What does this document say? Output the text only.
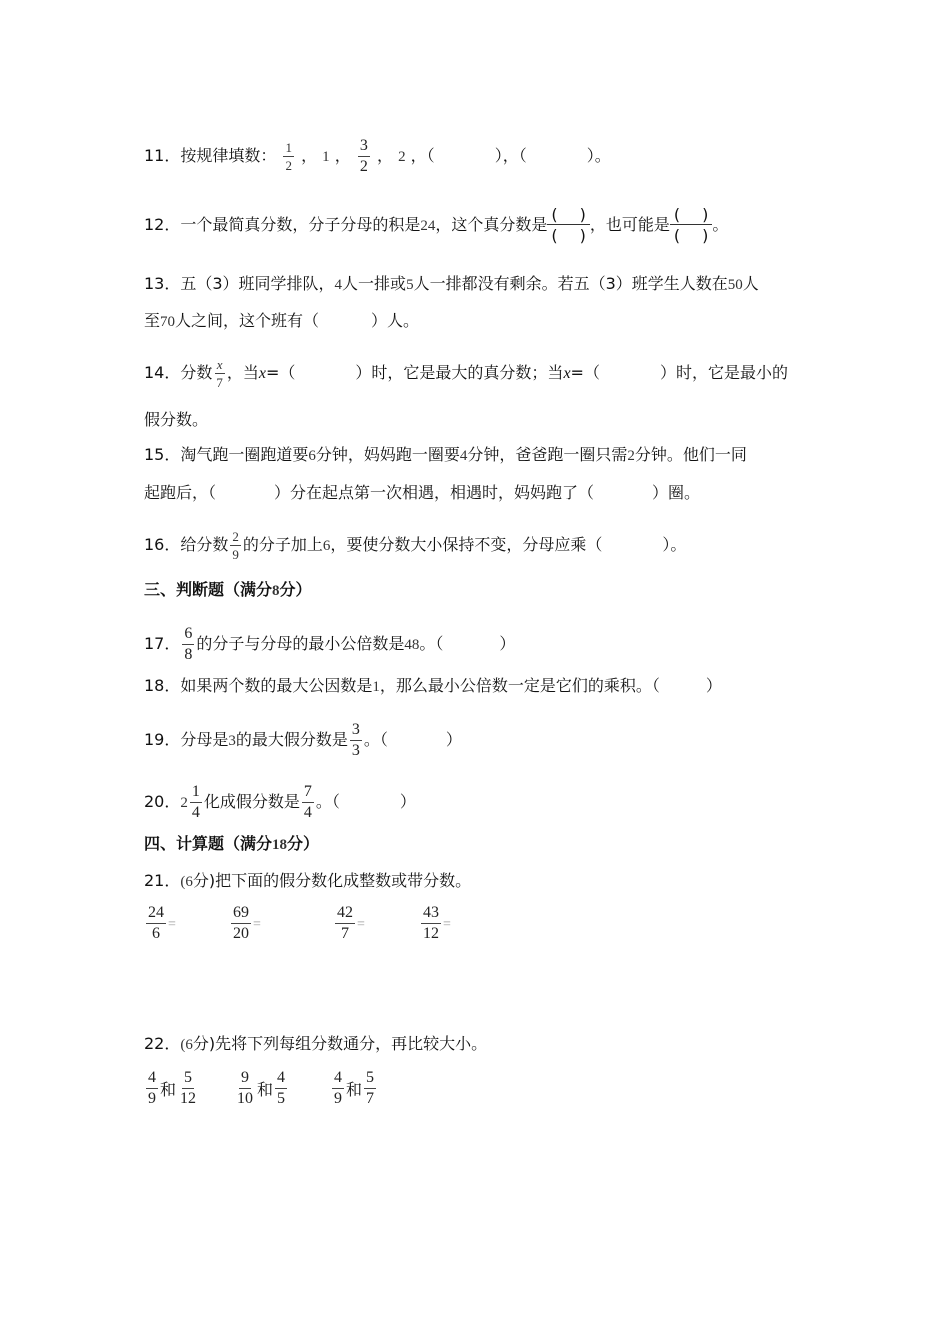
11．按规律填数： $\frac{1}{2}$ ， 1 ， $\frac{3}{2}$ ， 2 ，（	），（	）。
12．一个最简真分数，分子分母的积是24，这个真分数是
( )
( )
，也可能是
( )
( )
。
13．五（3）班同学排队，4人一排或5人一排都没有剩余。若五（3）班学生人数在50人
至70人之间，这个班有（	）人。
14．分数 $\frac{x}{7}$ ，当x=（	）时，它是最大的真分数；当x=（	）时，它是最小的
假分数。
15．淘气跑一圈跑道要6分钟，妈妈跑一圈要4分钟，爸爸跑一圈只需2分钟。他们一同
起跑后，（	）分在起点第一次相遇，相遇时，妈妈跑了（	）圈。
16．给分数 $\frac{2}{9}$ 的分子加上6，要使分数大小保持不变，分母应乘（	）。
三、判断题（满分8分）
17． $\frac{6}{8}$ 的分子与分母的最小公倍数是48。（	）
18．如果两个数的最大公因数是1，那么最小公倍数一定是它们的乘积。（	）
19．分母是3的最大假分数是 $\frac{3}{3}$ 。（	）
20．$2 \frac{1}{4}$ 化成假分数是 $\frac{7}{4}$ 。（	）
四、计算题（满分18分）
21．(6分)把下面的假分数化成整数或带分数。
$\frac{24}{6}$ =	$\frac{69}{20}$ =	$\frac{42}{7}$ =	$\frac{43}{12}$ =
22．(6分)先将下列每组分数通分，再比较大小。
$\frac{4}{9}$ 和 $\frac{5}{12} \frac{9}{10}$ 和 $\frac{4}{5}$	$\frac{4}{9}$ 和 $\frac{5}{7}$
